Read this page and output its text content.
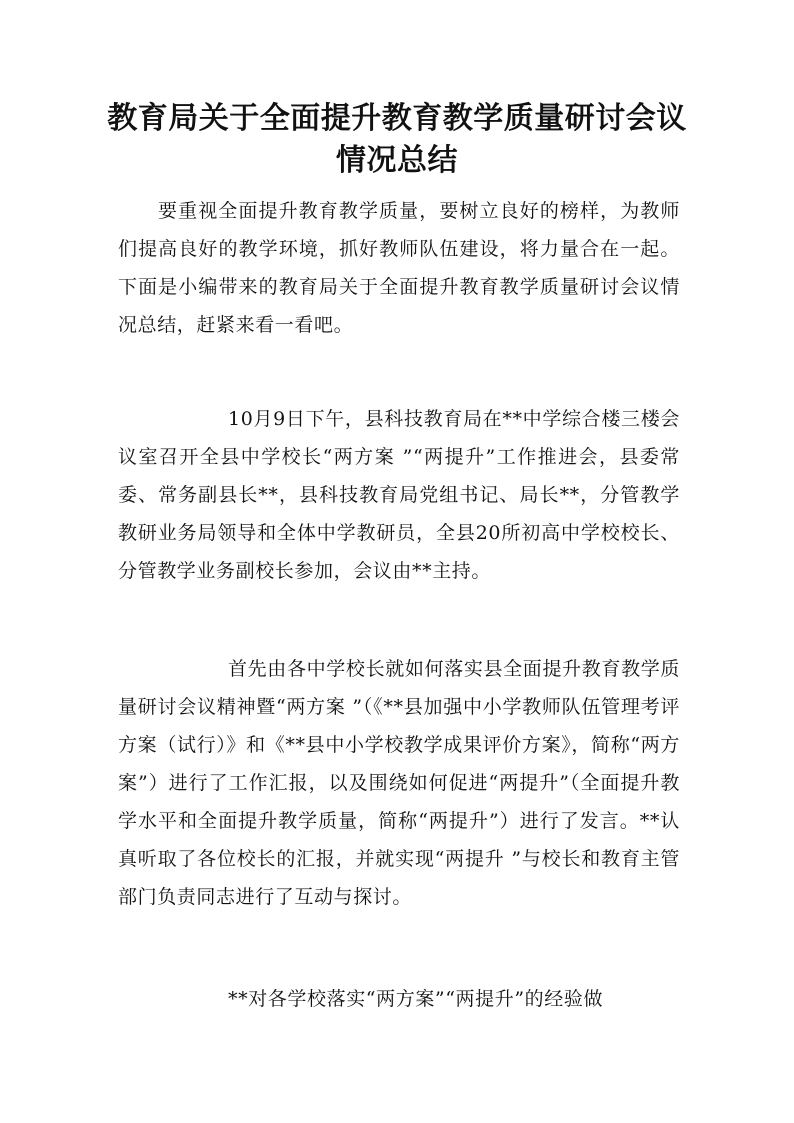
教育局关于全面提升教育教学质量研讨会议情况总结

要重视全面提升教育教学质量，要树立良好的榜样，为教师们提高良好的教学环境，抓好教师队伍建设，将力量合在一起。下面是小编带来的教育局关于全面提升教育教学质量研讨会议情况总结，赶紧来看一看吧。

10月9日下午，县科技教育局在**中学综合楼三楼会议室召开全县中学校长“两方案 ”“两提升”工作推进会，县委常委、常务副县长**，县科技教育局党组书记、局长**，分管教学教研业务局领导和全体中学教研员，全县20所初高中学校校长、分管教学业务副校长参加，会议由**主持。

首先由各中学校长就如何落实县全面提升教育教学质量研讨会议精神暨“两方案 ”（《**县加强中小学教师队伍管理考评方案（试行）》和《**县中小学校教学成果评价方案》，简称“两方案”）进行了工作汇报，以及围绕如何促进“两提升”（全面提升教学水平和全面提升教学质量，简称“两提升”）进行了发言。**认真听取了各位校长的汇报，并就实现“两提升 ”与校长和教育主管部门负责同志进行了互动与探讨。

**对各学校落实“两方案”“两提升”的经验做
